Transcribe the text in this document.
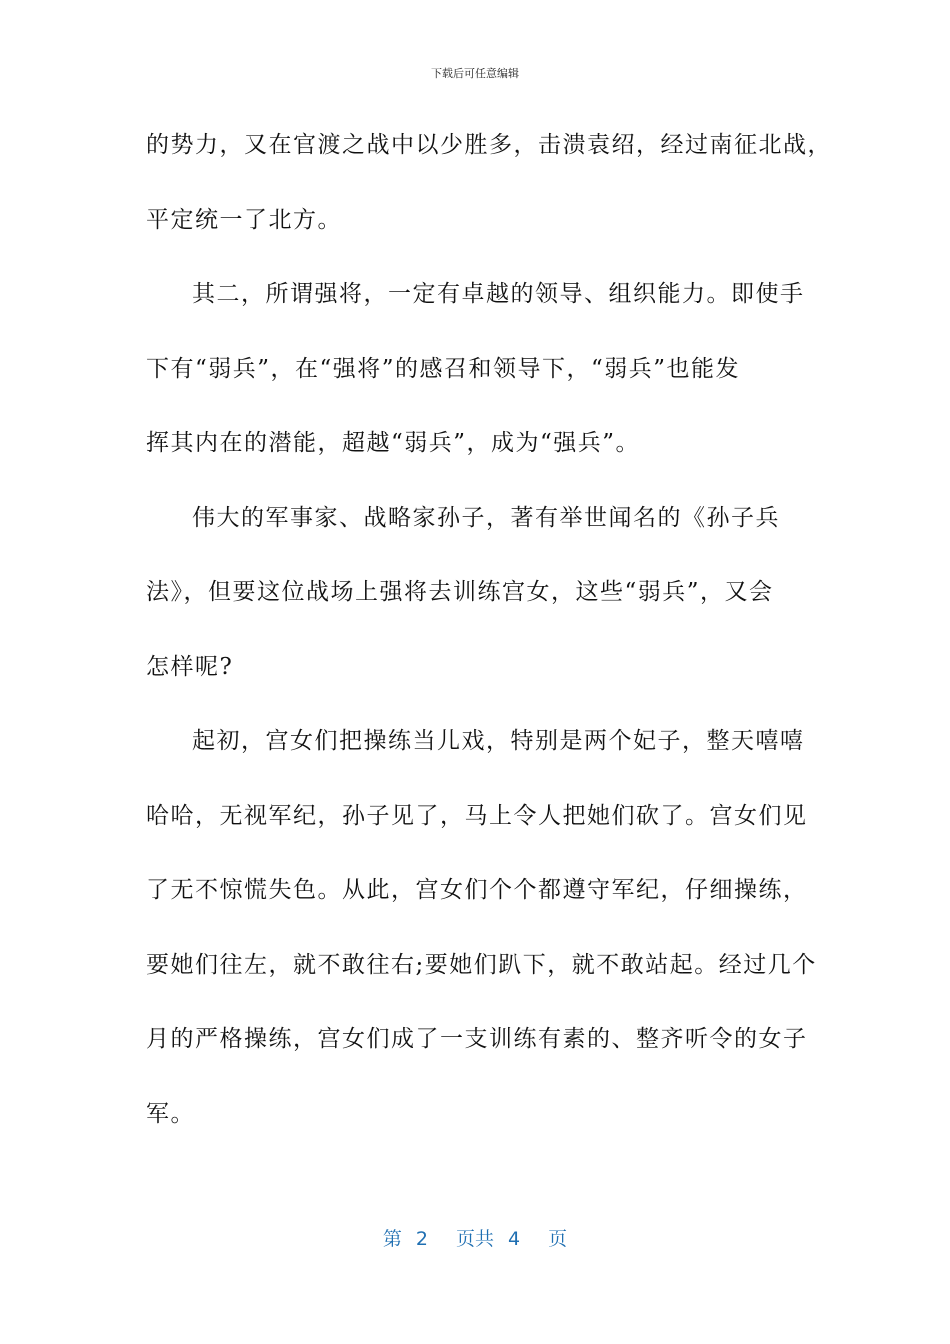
下载后可任意编辑
的势力，又在官渡之战中以少胜多，击溃袁绍，经过南征北战，
平定统一了北方。
其二，所谓强将，一定有卓越的领导、组织能力。即使手
下有“弱兵”，在“强将”的感召和领导下，“弱兵”也能发
挥其内在的潜能，超越“弱兵”，成为“强兵”。
伟大的军事家、战略家孙子，著有举世闻名的《孙子兵
法》，但要这位战场上强将去训练宫女，这些“弱兵”，又会
怎样呢?
起初，宫女们把操练当儿戏，特别是两个妃子，整天嘻嘻
哈哈，无视军纪，孙子见了，马上令人把她们砍了。宫女们见
了无不惊慌失色。从此，宫女们个个都遵守军纪，仔细操练，
要她们往左，就不敢往右;要她们趴下，就不敢站起。经过几个
月的严格操练，宫女们成了一支训练有素的、整齐听令的女子
军。
第 2 页共 4 页
